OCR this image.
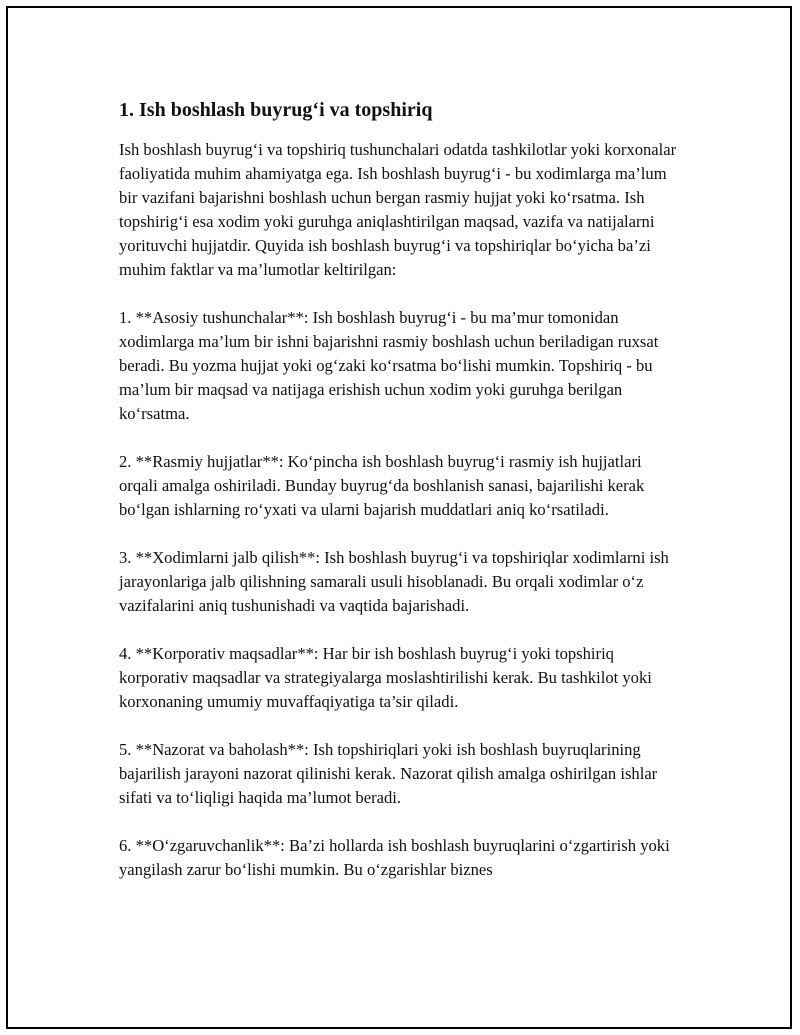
1. Ish boshlash buyrug‘i va topshiriq

Ish boshlash buyrug‘i va topshiriq tushunchalari odatda tashkilotlar yoki korxonalar faoliyatida muhim ahamiyatga ega. Ish boshlash buyrug‘i - bu xodimlarga ma’lum bir vazifani bajarishni boshlash uchun bergan rasmiy hujjat yoki ko‘rsatma. Ish topshirig‘i esa xodim yoki guruhga aniqlashtirilgan maqsad, vazifa va natijalarni yorituvchi hujjatdir. Quyida ish boshlash buyrug‘i va topshiriqlar bo‘yicha ba’zi muhim faktlar va ma’lumotlar keltirilgan:

1. **Asosiy tushunchalar**: Ish boshlash buyrug‘i - bu ma’mur tomonidan xodimlarga ma’lum bir ishni bajarishni rasmiy boshlash uchun beriladigan ruxsat beradi. Bu yozma hujjat yoki og‘zaki ko‘rsatma bo‘lishi mumkin. Topshiriq - bu ma’lum bir maqsad va natijaga erishish uchun xodim yoki guruhga berilgan ko‘rsatma.

2. **Rasmiy hujjatlar**: Ko‘pincha ish boshlash buyrug‘i rasmiy ish hujjatlari orqali amalga oshiriladi. Bunday buyrug‘da boshlanish sanasi, bajarilishi kerak bo‘lgan ishlarning ro‘yxati va ularni bajarish muddatlari aniq ko‘rsatiladi.

3. **Xodimlarni jalb qilish**: Ish boshlash buyrug‘i va topshiriqlar xodimlarni ish jarayonlariga jalb qilishning samarali usuli hisoblanadi. Bu orqali xodimlar o‘z vazifalarini aniq tushunishadi va vaqtida bajarishadi.

4. **Korporativ maqsadlar**: Har bir ish boshlash buyrug‘i yoki topshiriq korporativ maqsadlar va strategiyalarga moslashtirilishi kerak. Bu tashkilot yoki korxonaning umumiy muvaffaqiyatiga ta’sir qiladi.

5. **Nazorat va baholash**: Ish topshiriqlari yoki ish boshlash buyruqlarining bajarilish jarayoni nazorat qilinishi kerak. Nazorat qilish amalga oshirilgan ishlar sifati va to‘liqligi haqida ma’lumot beradi.

6. **O‘zgaruvchanlik**: Ba’zi hollarda ish boshlash buyruqlarini o‘zgartirish yoki yangilash zarur bo‘lishi mumkin. Bu o‘zgarishlar biznes
